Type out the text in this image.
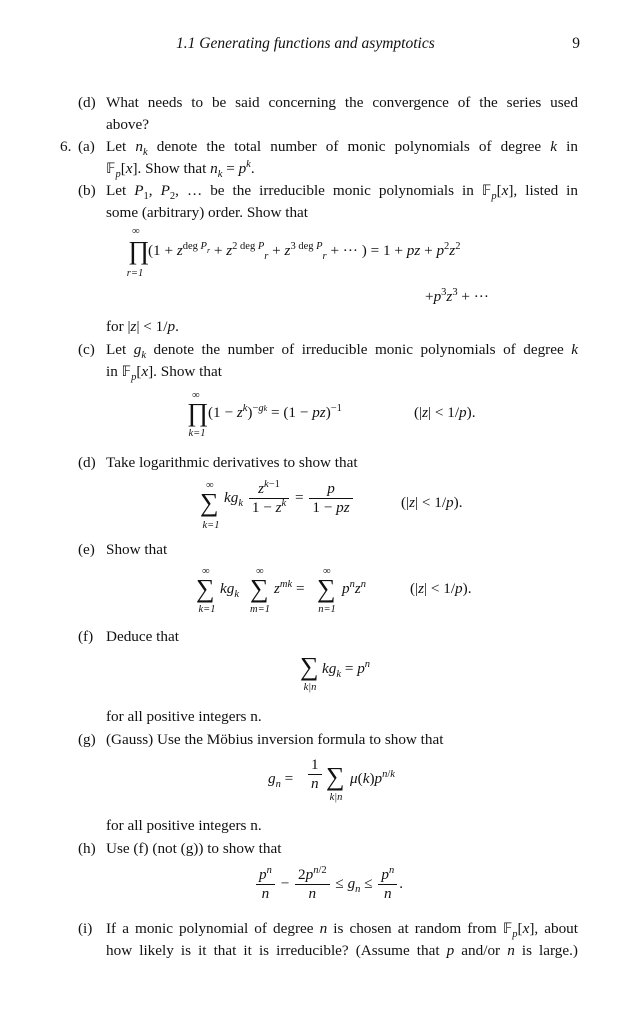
1.1 Generating functions and asymptotics	9
(d) What needs to be said concerning the convergence of the series used
above?
6. (a) Let $n_k$ denote the total number of monic polynomials of degree k in
𝔽$_p$[x]. Show that $n_k = p^k$.
(b) Let $P_1$, $P_2$, … be the irreducible monic polynomials in 𝔽$_p$[x], listed in
some (arbitrary) order. Show that
∞
∏
r=1
($1 + z^{deg P_r} + z^{2 deg P}_r + z^{3 deg P}_r$ + ··· ) = 1 + pz + $p^2z^2$
$+p^3z^3$ + ···
for |z| < 1/p.
(c) Let $g_k$ denote the number of irreducible monic polynomials of degree k
in 𝔽$_p$[x]. Show that
∞
∏
k=1
$(1 - z^k)^{-gk} = (1 - pz)^{-1}$	(|z| < 1/p).
(d) Take logarithmic derivatives to show that
∞
∑
k=1
$kg_k \frac{z^{k-1}}{1 - z^k} = \frac{p}{1 - pz}$	(|z| < 1/p).
(e) Show that
∞
∑
k=1
$kg_k$
∞
∑
m=1
$z^{mk}$ =
∞
∑
n=1
$p^nz^n$	(|z| < 1/p).
(f) Deduce that
∑
k|n
$kg_k = p^n$
for all positive integers n.
(g) (Gauss) Use the Möbius inversion formula to show that
$g_n = \frac{1}{n}$ ∑
k|n
$\mu(k)p^{n/k}$
for all positive integers n.
(h) Use (f) (not (g)) to show that
$\frac{p^n}{n} - \frac{2p^{n/2}}{n} \le g_n \le \frac{p^n}{n}$ .
(i) If a monic polynomial of degree n is chosen at random from 𝔽$_p$[x], about
how likely is it that it is irreducible? (Assume that p and/or n is large.)
